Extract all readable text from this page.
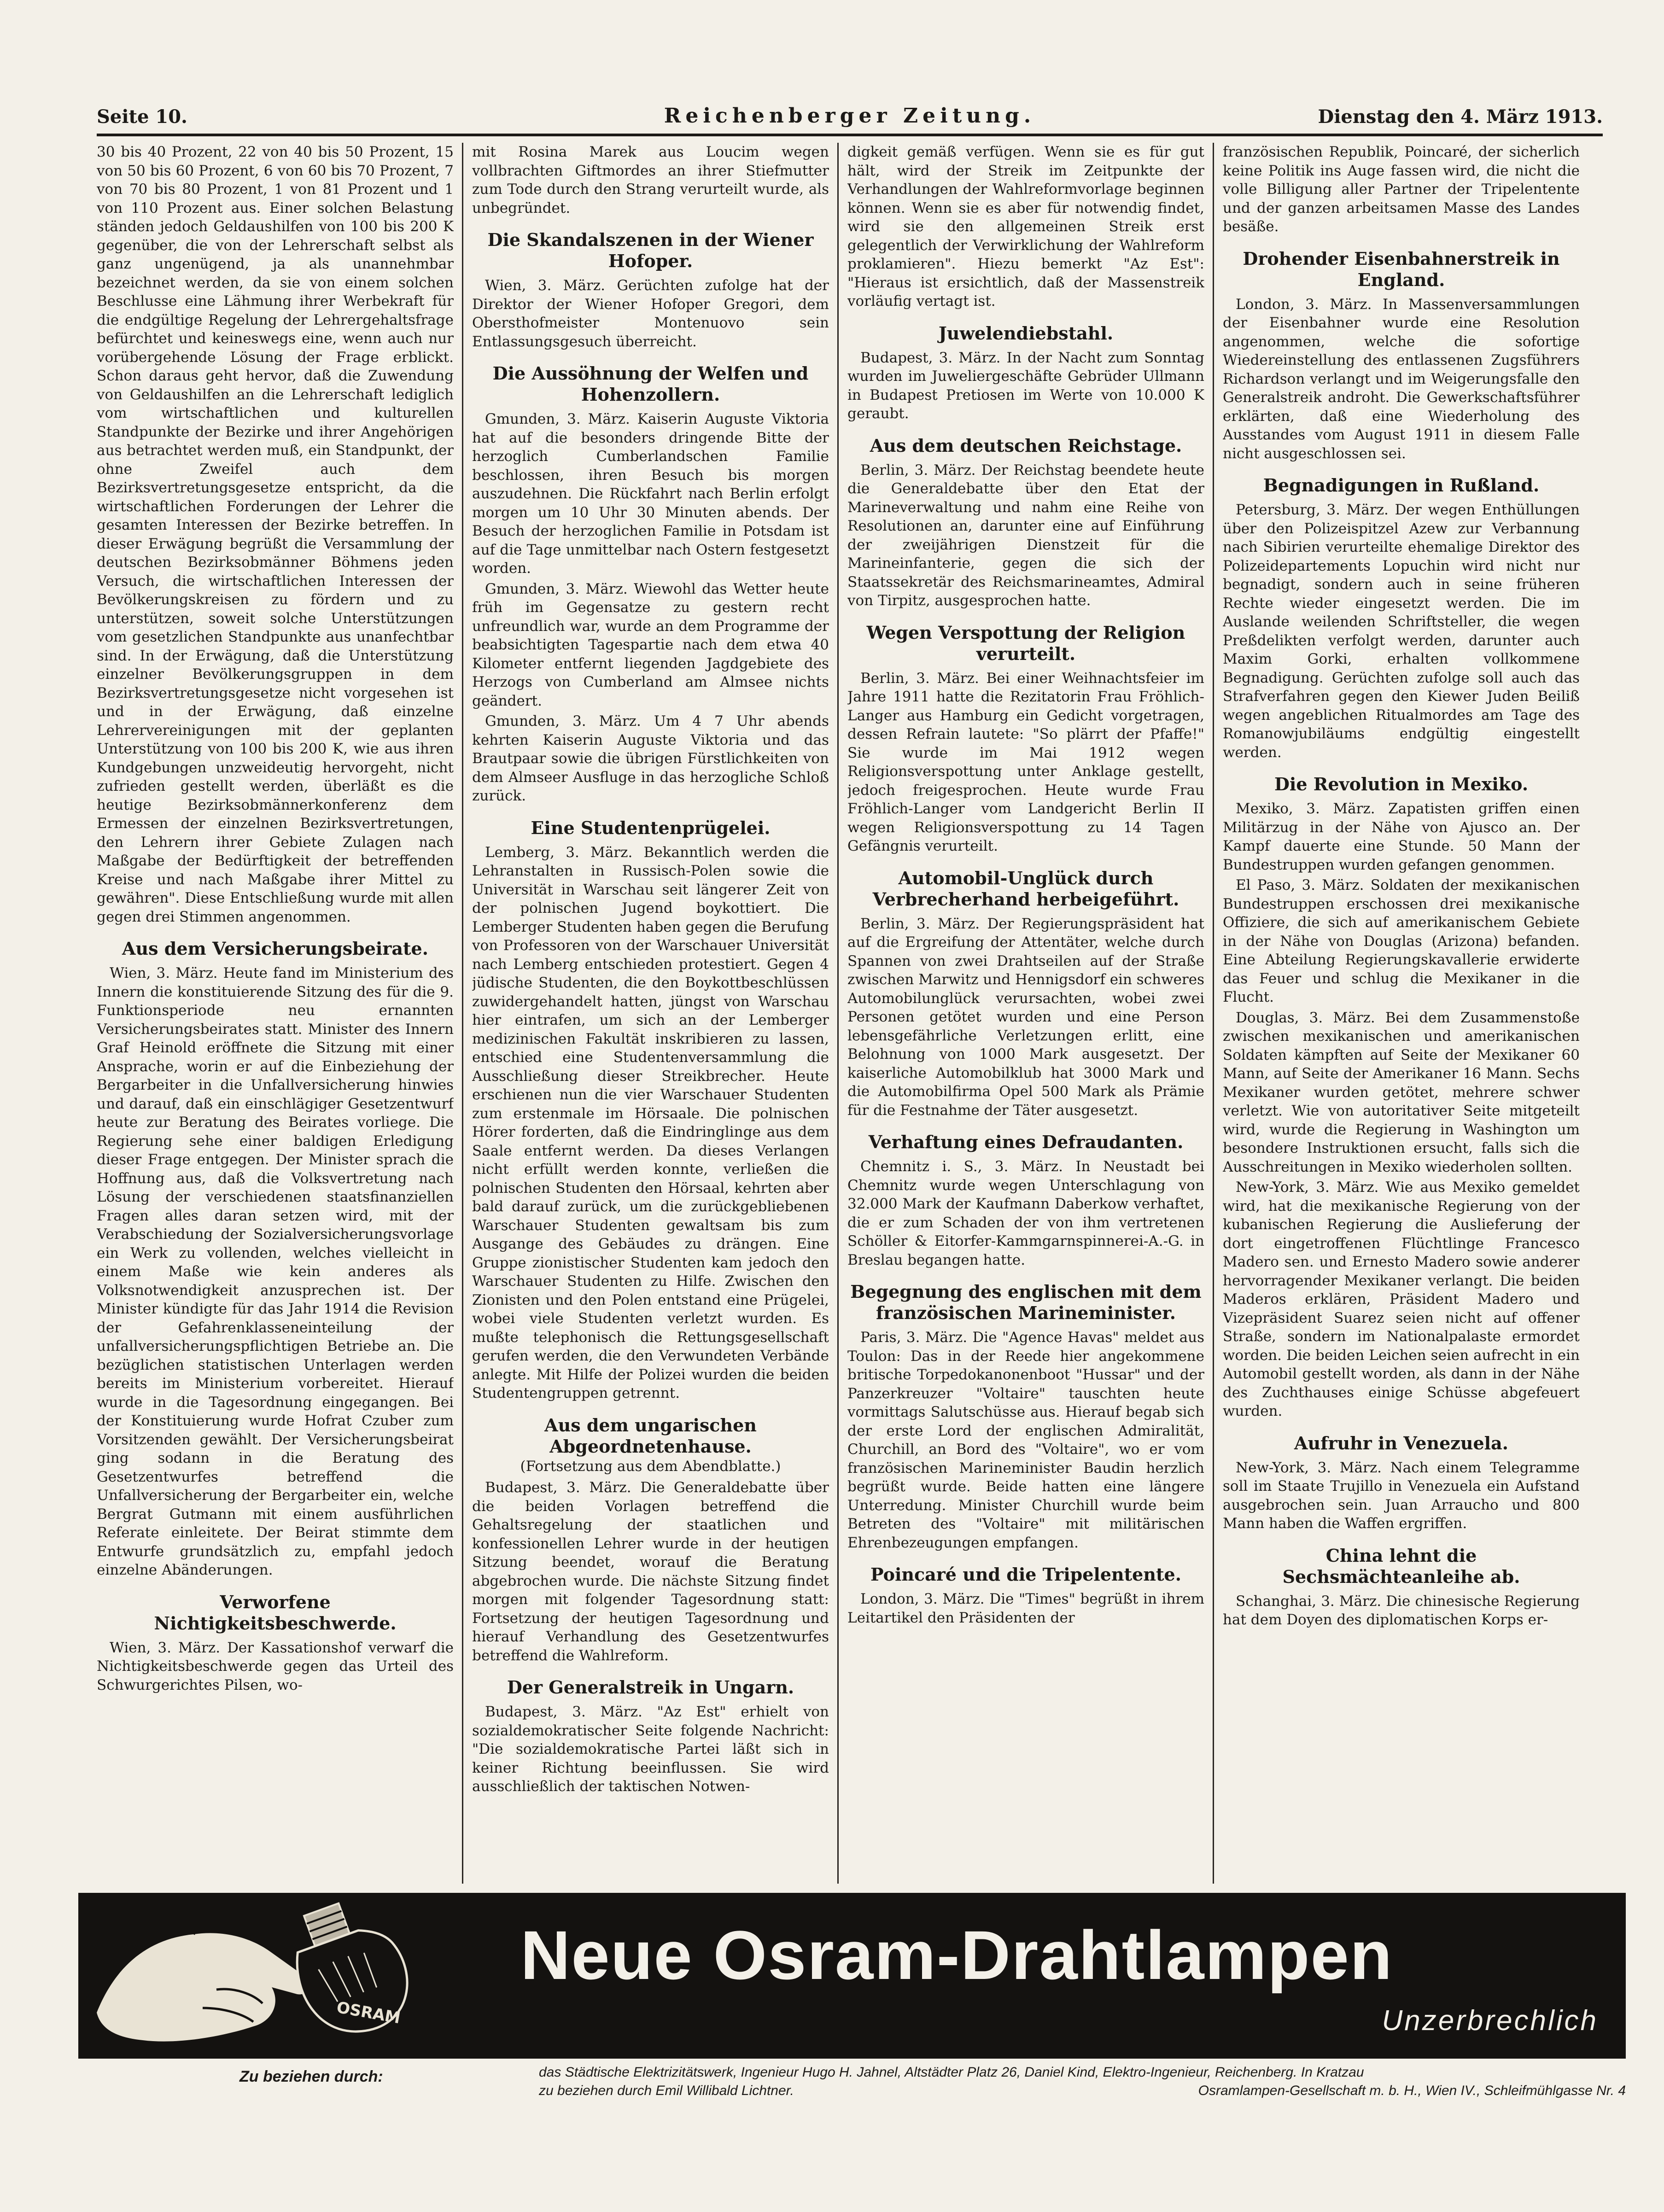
Seite 10.	Reichenberger Zeitung.	Dienstag den 4. März 1913.

30 bis 40 Prozent, 22 von 40 bis 50 Prozent, 15 von 50 bis 60 Prozent, 6 von 60 bis 70 Prozent, 7 von 70 bis 80 Prozent, 1 von 81 Prozent und 1 von 110 Prozent aus. Einer solchen Belastung ständen jedoch Geldaushilfen von 100 bis 200 K gegenüber, die von der Lehrerschaft selbst als ganz ungenügend, ja als unannehmbar bezeichnet werden, da sie von einem solchen Beschlusse eine Lähmung ihrer Werbekraft für die endgültige Regelung der Lehrergehaltsfrage befürchtet und keineswegs eine, wenn auch nur vorübergehende Lösung der Frage erblickt. Schon daraus geht hervor, daß die Zuwendung von Geldaushilfen an die Lehrerschaft lediglich vom wirtschaftlichen und kulturellen Standpunkte der Bezirke und ihrer Angehörigen aus betrachtet werden muß, ein Standpunkt, der ohne Zweifel auch dem Bezirksvertretungsgesetze entspricht, da die wirtschaftlichen Forderungen der Lehrer die gesamten Interessen der Bezirke betreffen. In dieser Erwägung begrüßt die Versammlung der deutschen Bezirksobmänner Böhmens jeden Versuch, die wirtschaftlichen Interessen der Bevölkerungskreisen zu fördern und zu unterstützen, soweit solche Unterstützungen vom gesetzlichen Standpunkte aus unanfechtbar sind. In der Erwägung, daß die Unterstützung einzelner Bevölkerungsgruppen in dem Bezirksvertretungsgesetze nicht vorgesehen ist und in der Erwägung, daß einzelne Lehrervereinigungen mit der geplanten Unterstützung von 100 bis 200 K, wie aus ihren Kundgebungen unzweideutig hervorgeht, nicht zufrieden gestellt werden, überläßt es die heutige Bezirksobmännerkonferenz dem Ermessen der einzelnen Bezirksvertretungen, den Lehrern ihrer Gebiete Zulagen nach Maßgabe der Bedürftigkeit der betreffenden Kreise und nach Maßgabe ihrer Mittel zu gewähren". Diese Entschließung wurde mit allen gegen drei Stimmen angenommen.

Aus dem Versicherungsbeirate.

Wien, 3. März. Heute fand im Ministerium des Innern die konstituierende Sitzung des für die 9. Funktionsperiode neu ernannten Versicherungsbeirates statt. Minister des Innern Graf Heinold eröffnete die Sitzung mit einer Ansprache, worin er auf die Einbeziehung der Bergarbeiter in die Unfallversicherung hinwies und darauf, daß ein einschlägiger Gesetzentwurf heute zur Beratung des Beirates vorliege. Die Regierung sehe einer baldigen Erledigung dieser Frage entgegen. Der Minister sprach die Hoffnung aus, daß die Volksvertretung nach Lösung der verschiedenen staatsfinanziellen Fragen alles daran setzen wird, mit der Verabschiedung der Sozialversicherungsvorlage ein Werk zu vollenden, welches vielleicht in einem Maße wie kein anderes als Volksnotwendigkeit anzusprechen ist. Der Minister kündigte für das Jahr 1914 die Revision der Gefahrenklasseneinteilung der unfallversicherungspflichtigen Betriebe an. Die bezüglichen statistischen Unterlagen werden bereits im Ministerium vorbereitet. Hierauf wurde in die Tagesordnung eingegangen. Bei der Konstituierung wurde Hofrat Czuber zum Vorsitzenden gewählt. Der Versicherungsbeirat ging sodann in die Beratung des Gesetzentwurfes betreffend die Unfallversicherung der Bergarbeiter ein, welche Bergrat Gutmann mit einem ausführlichen Referate einleitete. Der Beirat stimmte dem Entwurfe grundsätzlich zu, empfahl jedoch einzelne Abänderungen.

Verworfene Nichtigkeitsbeschwerde.

Wien, 3. März. Der Kassationshof verwarf die Nichtigkeitsbeschwerde gegen das Urteil des Schwurgerichtes Pilsen, wo-

mit Rosina Marek aus Loucim wegen vollbrachten Giftmordes an ihrer Stiefmutter zum Tode durch den Strang verurteilt wurde, als unbegründet.

Die Skandalszenen in der Wiener Hofoper.

Wien, 3. März. Gerüchten zufolge hat der Direktor der Wiener Hofoper Gregori, dem Obersthofmeister Montenuovo sein Entlassungsgesuch überreicht.

Die Aussöhnung der Welfen und Hohenzollern.

Gmunden, 3. März. Kaiserin Auguste Viktoria hat auf die besonders dringende Bitte der herzoglich Cumberlandschen Familie beschlossen, ihren Besuch bis morgen auszudehnen. Die Rückfahrt nach Berlin erfolgt morgen um 10 Uhr 30 Minuten abends. Der Besuch der herzoglichen Familie in Potsdam ist auf die Tage unmittelbar nach Ostern festgesetzt worden.

Gmunden, 3. März. Wiewohl das Wetter heute früh im Gegensatze zu gestern recht unfreundlich war, wurde an dem Programme der beabsichtigten Tagespartie nach dem etwa 40 Kilometer entfernt liegenden Jagdgebiete des Herzogs von Cumberland am Almsee nichts geändert.

Gmunden, 3. März. Um 4 7 Uhr abends kehrten Kaiserin Auguste Viktoria und das Brautpaar sowie die übrigen Fürstlichkeiten von dem Almseer Ausfluge in das herzogliche Schloß zurück.

Eine Studentenprügelei.

Lemberg, 3. März. Bekanntlich werden die Lehranstalten in Russisch-Polen sowie die Universität in Warschau seit längerer Zeit von der polnischen Jugend boykottiert. Die Lemberger Studenten haben gegen die Berufung von Professoren von der Warschauer Universität nach Lemberg entschieden protestiert. Gegen 4 jüdische Studenten, die den Boykottbeschlüssen zuwidergehandelt hatten, jüngst von Warschau hier eintrafen, um sich an der Lemberger medizinischen Fakultät inskribieren zu lassen, entschied eine Studentenversammlung die Ausschließung dieser Streikbrecher. Heute erschienen nun die vier Warschauer Studenten zum erstenmale im Hörsaale. Die polnischen Hörer forderten, daß die Eindringlinge aus dem Saale entfernt werden. Da dieses Verlangen nicht erfüllt werden konnte, verließen die polnischen Studenten den Hörsaal, kehrten aber bald darauf zurück, um die zurückgebliebenen Warschauer Studenten gewaltsam bis zum Ausgange des Gebäudes zu drängen. Eine Gruppe zionistischer Studenten kam jedoch den Warschauer Studenten zu Hilfe. Zwischen den Zionisten und den Polen entstand eine Prügelei, wobei viele Studenten verletzt wurden. Es mußte telephonisch die Rettungsgesellschaft gerufen werden, die den Verwundeten Verbände anlegte. Mit Hilfe der Polizei wurden die beiden Studentengruppen getrennt.

Aus dem ungarischen Abgeordnetenhause.
(Fortsetzung aus dem Abendblatte.)

Budapest, 3. März. Die Generaldebatte über die beiden Vorlagen betreffend die Gehaltsregelung der staatlichen und konfessionellen Lehrer wurde in der heutigen Sitzung beendet, worauf die Beratung abgebrochen wurde. Die nächste Sitzung findet morgen mit folgender Tagesordnung statt: Fortsetzung der heutigen Tagesordnung und hierauf Verhandlung des Gesetzentwurfes betreffend die Wahlreform.

Der Generalstreik in Ungarn.

Budapest, 3. März. "Az Est" erhielt von sozialdemokratischer Seite folgende Nachricht: "Die sozialdemokratische Partei läßt sich in keiner Richtung beeinflussen. Sie wird ausschließlich der taktischen Notwen-

digkeit gemäß verfügen. Wenn sie es für gut hält, wird der Streik im Zeitpunkte der Verhandlungen der Wahlreformvorlage beginnen können. Wenn sie es aber für notwendig findet, wird sie den allgemeinen Streik erst gelegentlich der Verwirklichung der Wahlreform proklamieren". Hiezu bemerkt "Az Est": "Hieraus ist ersichtlich, daß der Massenstreik vorläufig vertagt ist.

Juwelendiebstahl.

Budapest, 3. März. In der Nacht zum Sonntag wurden im Juweliergeschäfte Gebrüder Ullmann in Budapest Pretiosen im Werte von 10.000 K geraubt.

Aus dem deutschen Reichstage.

Berlin, 3. März. Der Reichstag beendete heute die Generaldebatte über den Etat der Marineverwaltung und nahm eine Reihe von Resolutionen an, darunter eine auf Einführung der zweijährigen Dienstzeit für die Marineinfanterie, gegen die sich der Staatssekretär des Reichsmarineamtes, Admiral von Tirpitz, ausgesprochen hatte.

Wegen Verspottung der Religion verurteilt.

Berlin, 3. März. Bei einer Weihnachtsfeier im Jahre 1911 hatte die Rezitatorin Frau Fröhlich-Langer aus Hamburg ein Gedicht vorgetragen, dessen Refrain lautete: "So plärrt der Pfaffe!" Sie wurde im Mai 1912 wegen Religionsverspottung unter Anklage gestellt, jedoch freigesprochen. Heute wurde Frau Fröhlich-Langer vom Landgericht Berlin II wegen Religionsverspottung zu 14 Tagen Gefängnis verurteilt.

Automobil-Unglück durch Verbrecherhand herbeigeführt.

Berlin, 3. März. Der Regierungspräsident hat auf die Ergreifung der Attentäter, welche durch Spannen von zwei Drahtseilen auf der Straße zwischen Marwitz und Hennigsdorf ein schweres Automobilunglück verursachten, wobei zwei Personen getötet wurden und eine Person lebensgefährliche Verletzungen erlitt, eine Belohnung von 1000 Mark ausgesetzt. Der kaiserliche Automobilklub hat 3000 Mark und die Automobilfirma Opel 500 Mark als Prämie für die Festnahme der Täter ausgesetzt.

Verhaftung eines Defraudanten.

Chemnitz i. S., 3. März. In Neustadt bei Chemnitz wurde wegen Unterschlagung von 32.000 Mark der Kaufmann Daberkow verhaftet, die er zum Schaden der von ihm vertretenen Schöller & Eitorfer-Kammgarnspinnerei-A.-G. in Breslau begangen hatte.

Begegnung des englischen mit dem französischen Marineminister.

Paris, 3. März. Die "Agence Havas" meldet aus Toulon: Das in der Reede hier angekommene britische Torpedokanonenboot "Hussar" und der Panzerkreuzer "Voltaire" tauschten heute vormittags Salutschüsse aus. Hierauf begab sich der erste Lord der englischen Admiralität, Churchill, an Bord des "Voltaire", wo er vom französischen Marineminister Baudin herzlich begrüßt wurde. Beide hatten eine längere Unterredung. Minister Churchill wurde beim Betreten des "Voltaire" mit militärischen Ehrenbezeugungen empfangen.

Poincaré und die Tripelentente.

London, 3. März. Die "Times" begrüßt in ihrem Leitartikel den Präsidenten der

französischen Republik, Poincaré, der sicherlich keine Politik ins Auge fassen wird, die nicht die volle Billigung aller Partner der Tripelentente und der ganzen arbeitsamen Masse des Landes besäße.

Drohender Eisenbahnerstreik in England.

London, 3. März. In Massenversammlungen der Eisenbahner wurde eine Resolution angenommen, welche die sofortige Wiedereinstellung des entlassenen Zugsführers Richardson verlangt und im Weigerungsfalle den Generalstreik androht. Die Gewerkschaftsführer erklärten, daß eine Wiederholung des Ausstandes vom August 1911 in diesem Falle nicht ausgeschlossen sei.

Begnadigungen in Rußland.

Petersburg, 3. März. Der wegen Enthüllungen über den Polizeispitzel Azew zur Verbannung nach Sibirien verurteilte ehemalige Direktor des Polizeidepartements Lopuchin wird nicht nur begnadigt, sondern auch in seine früheren Rechte wieder eingesetzt werden. Die im Auslande weilenden Schriftsteller, die wegen Preßdelikten verfolgt werden, darunter auch Maxim Gorki, erhalten vollkommene Begnadigung. Gerüchten zufolge soll auch das Strafverfahren gegen den Kiewer Juden Beiliß wegen angeblichen Ritualmordes am Tage des Romanowjubiläums endgültig eingestellt werden.

Die Revolution in Mexiko.

Mexiko, 3. März. Zapatisten griffen einen Militärzug in der Nähe von Ajusco an. Der Kampf dauerte eine Stunde. 50 Mann der Bundestruppen wurden gefangen genommen.

El Paso, 3. März. Soldaten der mexikanischen Bundestruppen erschossen drei mexikanische Offiziere, die sich auf amerikanischem Gebiete in der Nähe von Douglas (Arizona) befanden. Eine Abteilung Regierungskavallerie erwiderte das Feuer und schlug die Mexikaner in die Flucht.

Douglas, 3. März. Bei dem Zusammenstoße zwischen mexikanischen und amerikanischen Soldaten kämpften auf Seite der Mexikaner 60 Mann, auf Seite der Amerikaner 16 Mann. Sechs Mexikaner wurden getötet, mehrere schwer verletzt. Wie von autoritativer Seite mitgeteilt wird, wurde die Regierung in Washington um besondere Instruktionen ersucht, falls sich die Ausschreitungen in Mexiko wiederholen sollten.

New-York, 3. März. Wie aus Mexiko gemeldet wird, hat die mexikanische Regierung von der kubanischen Regierung die Auslieferung der dort eingetroffenen Flüchtlinge Francesco Madero sen. und Ernesto Madero sowie anderer hervorragender Mexikaner verlangt. Die beiden Maderos erklären, Präsident Madero und Vizepräsident Suarez seien nicht auf offener Straße, sondern im Nationalpalaste ermordet worden. Die beiden Leichen seien aufrecht in ein Automobil gestellt worden, als dann in der Nähe des Zuchthauses einige Schüsse abgefeuert wurden.

Aufruhr in Venezuela.

New-York, 3. März. Nach einem Telegramme soll im Staate Trujillo in Venezuela ein Aufstand ausgebrochen sein. Juan Arraucho und 800 Mann haben die Waffen ergriffen.

China lehnt die Sechsmächteanleihe ab.

Schanghai, 3. März. Die chinesische Regierung hat dem Doyen des diplomatischen Korps er-

OSRAM
Neue Osram-Drahtlampen
Unzerbrechlich
Zu beziehen durch:	das Städtische Elektrizitätswerk, Ingenieur Hugo H. Jahnel, Altstädter Platz 26, Daniel Kind, Elektro-Ingenieur, Reichenberg. In Kratzau
zu beziehen durch Emil Willibald Lichtner.	Osramlampen-Gesellschaft m. b. H., Wien IV., Schleifmühlgasse Nr. 4
